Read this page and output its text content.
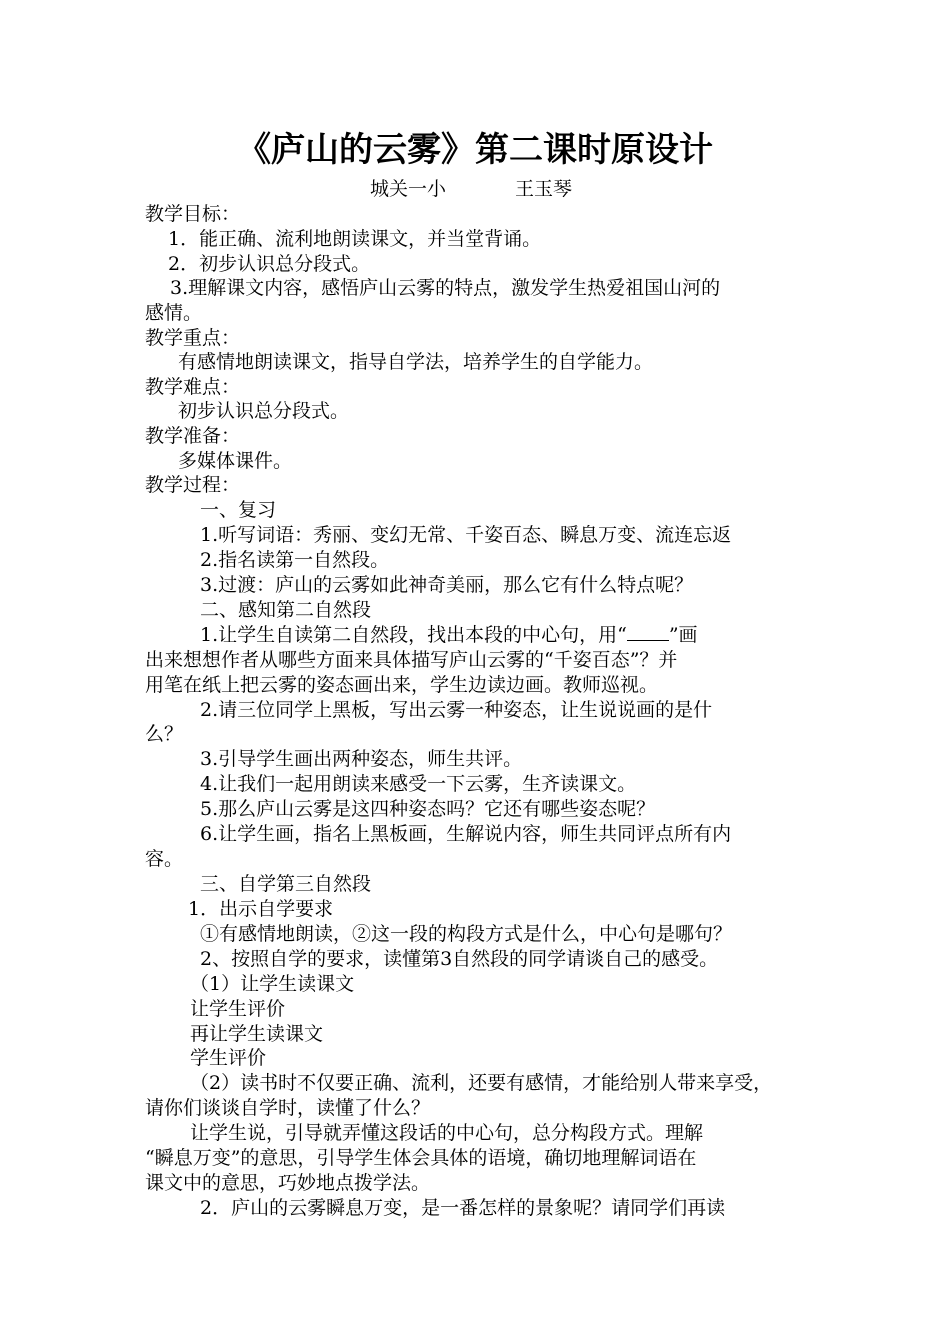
《庐山的云雾》第二课时原设计
城关一小	王玉琴
教学目标：
1．能正确、流利地朗读课文，并当堂背诵。
2．初步认识总分段式。
3.理解课文内容，感悟庐山云雾的特点，激发学生热爱祖国山河的
感情。
教学重点：
有感情地朗读课文，指导自学法，培养学生的自学能力。
教学难点：
初步认识总分段式。
教学准备：
多媒体课件。
教学过程：
一、复习
1.听写词语：秀丽、变幻无常、千姿百态、瞬息万变、流连忘返
2.指名读第一自然段。
3.过渡：庐山的云雾如此神奇美丽，那么它有什么特点呢？
二、感知第二自然段
1.让学生自读第二自然段，找出本段的中心句，用“ ”画
出来想想作者从哪些方面来具体描写庐山云雾的“千姿百态”？并
用笔在纸上把云雾的姿态画出来，学生边读边画。教师巡视。
2.请三位同学上黑板，写出云雾一种姿态，让生说说画的是什
么？
3.引导学生画出两种姿态，师生共评。
4.让我们一起用朗读来感受一下云雾，生齐读课文。
5.那么庐山云雾是这四种姿态吗？它还有哪些姿态呢？
6.让学生画，指名上黑板画，生解说内容，师生共同评点所有内
容。
三、自学第三自然段
1．出示自学要求
①有感情地朗读，②这一段的构段方式是什么，中心句是哪句？
2、按照自学的要求，读懂第3自然段的同学请谈自己的感受。
（1）让学生读课文
让学生评价
再让学生读课文
学生评价
（2）读书时不仅要正确、流利，还要有感情，才能给别人带来享受，
请你们谈谈自学时，读懂了什么？
让学生说，引导就弄懂这段话的中心句，总分构段方式。理解
“瞬息万变”的意思，引导学生体会具体的语境，确切地理解词语在
课文中的意思，巧妙地点拨学法。
2．庐山的云雾瞬息万变，是一番怎样的景象呢？请同学们再读
